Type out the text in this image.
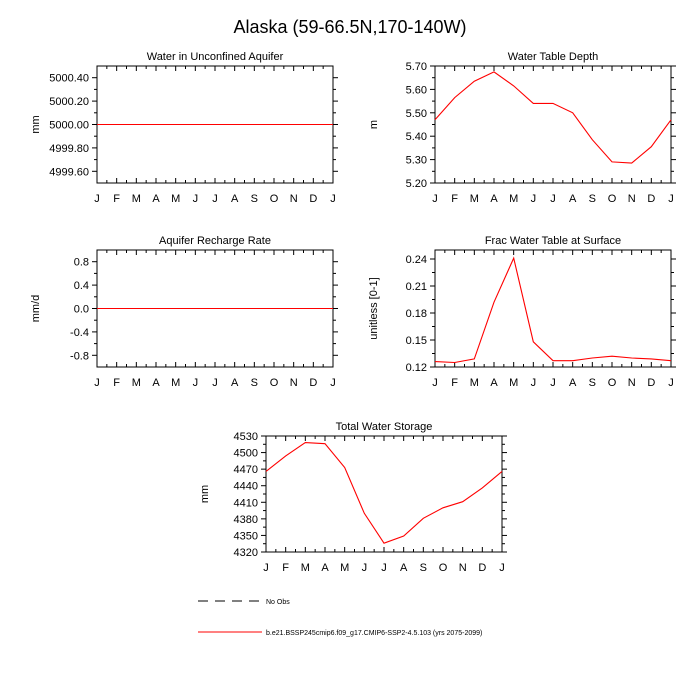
Alaska (59-66.5N,170-140W)
No Obs
b.e21.BSSP245cmip6.f09_g17.CMIP6-SSP2-4.5.103 (yrs 2075-2099)
Water in Unconfined Aquifer
mm
J F M A M J J A S O N D J
4999.60
4999.80
5000.00
5000.20
5000.40
Water Table Depth
m
J F M A M J J A S O N D J
5.20
5.30
5.40
5.50
5.60
5.70
Aquifer Recharge Rate
mm/d
J F M A M J J A S O N D J
-0.8
-0.4
0.0
0.4
0.8
Frac Water Table at Surface
unitless [0-1]
J F M A M J J A S O N D J
0.12
0.15
0.18
0.21
0.24
Total Water Storage
mm
J F M A M J J A S O N D J
4320
4350
4380
4410
4440
4470
4500
4530
